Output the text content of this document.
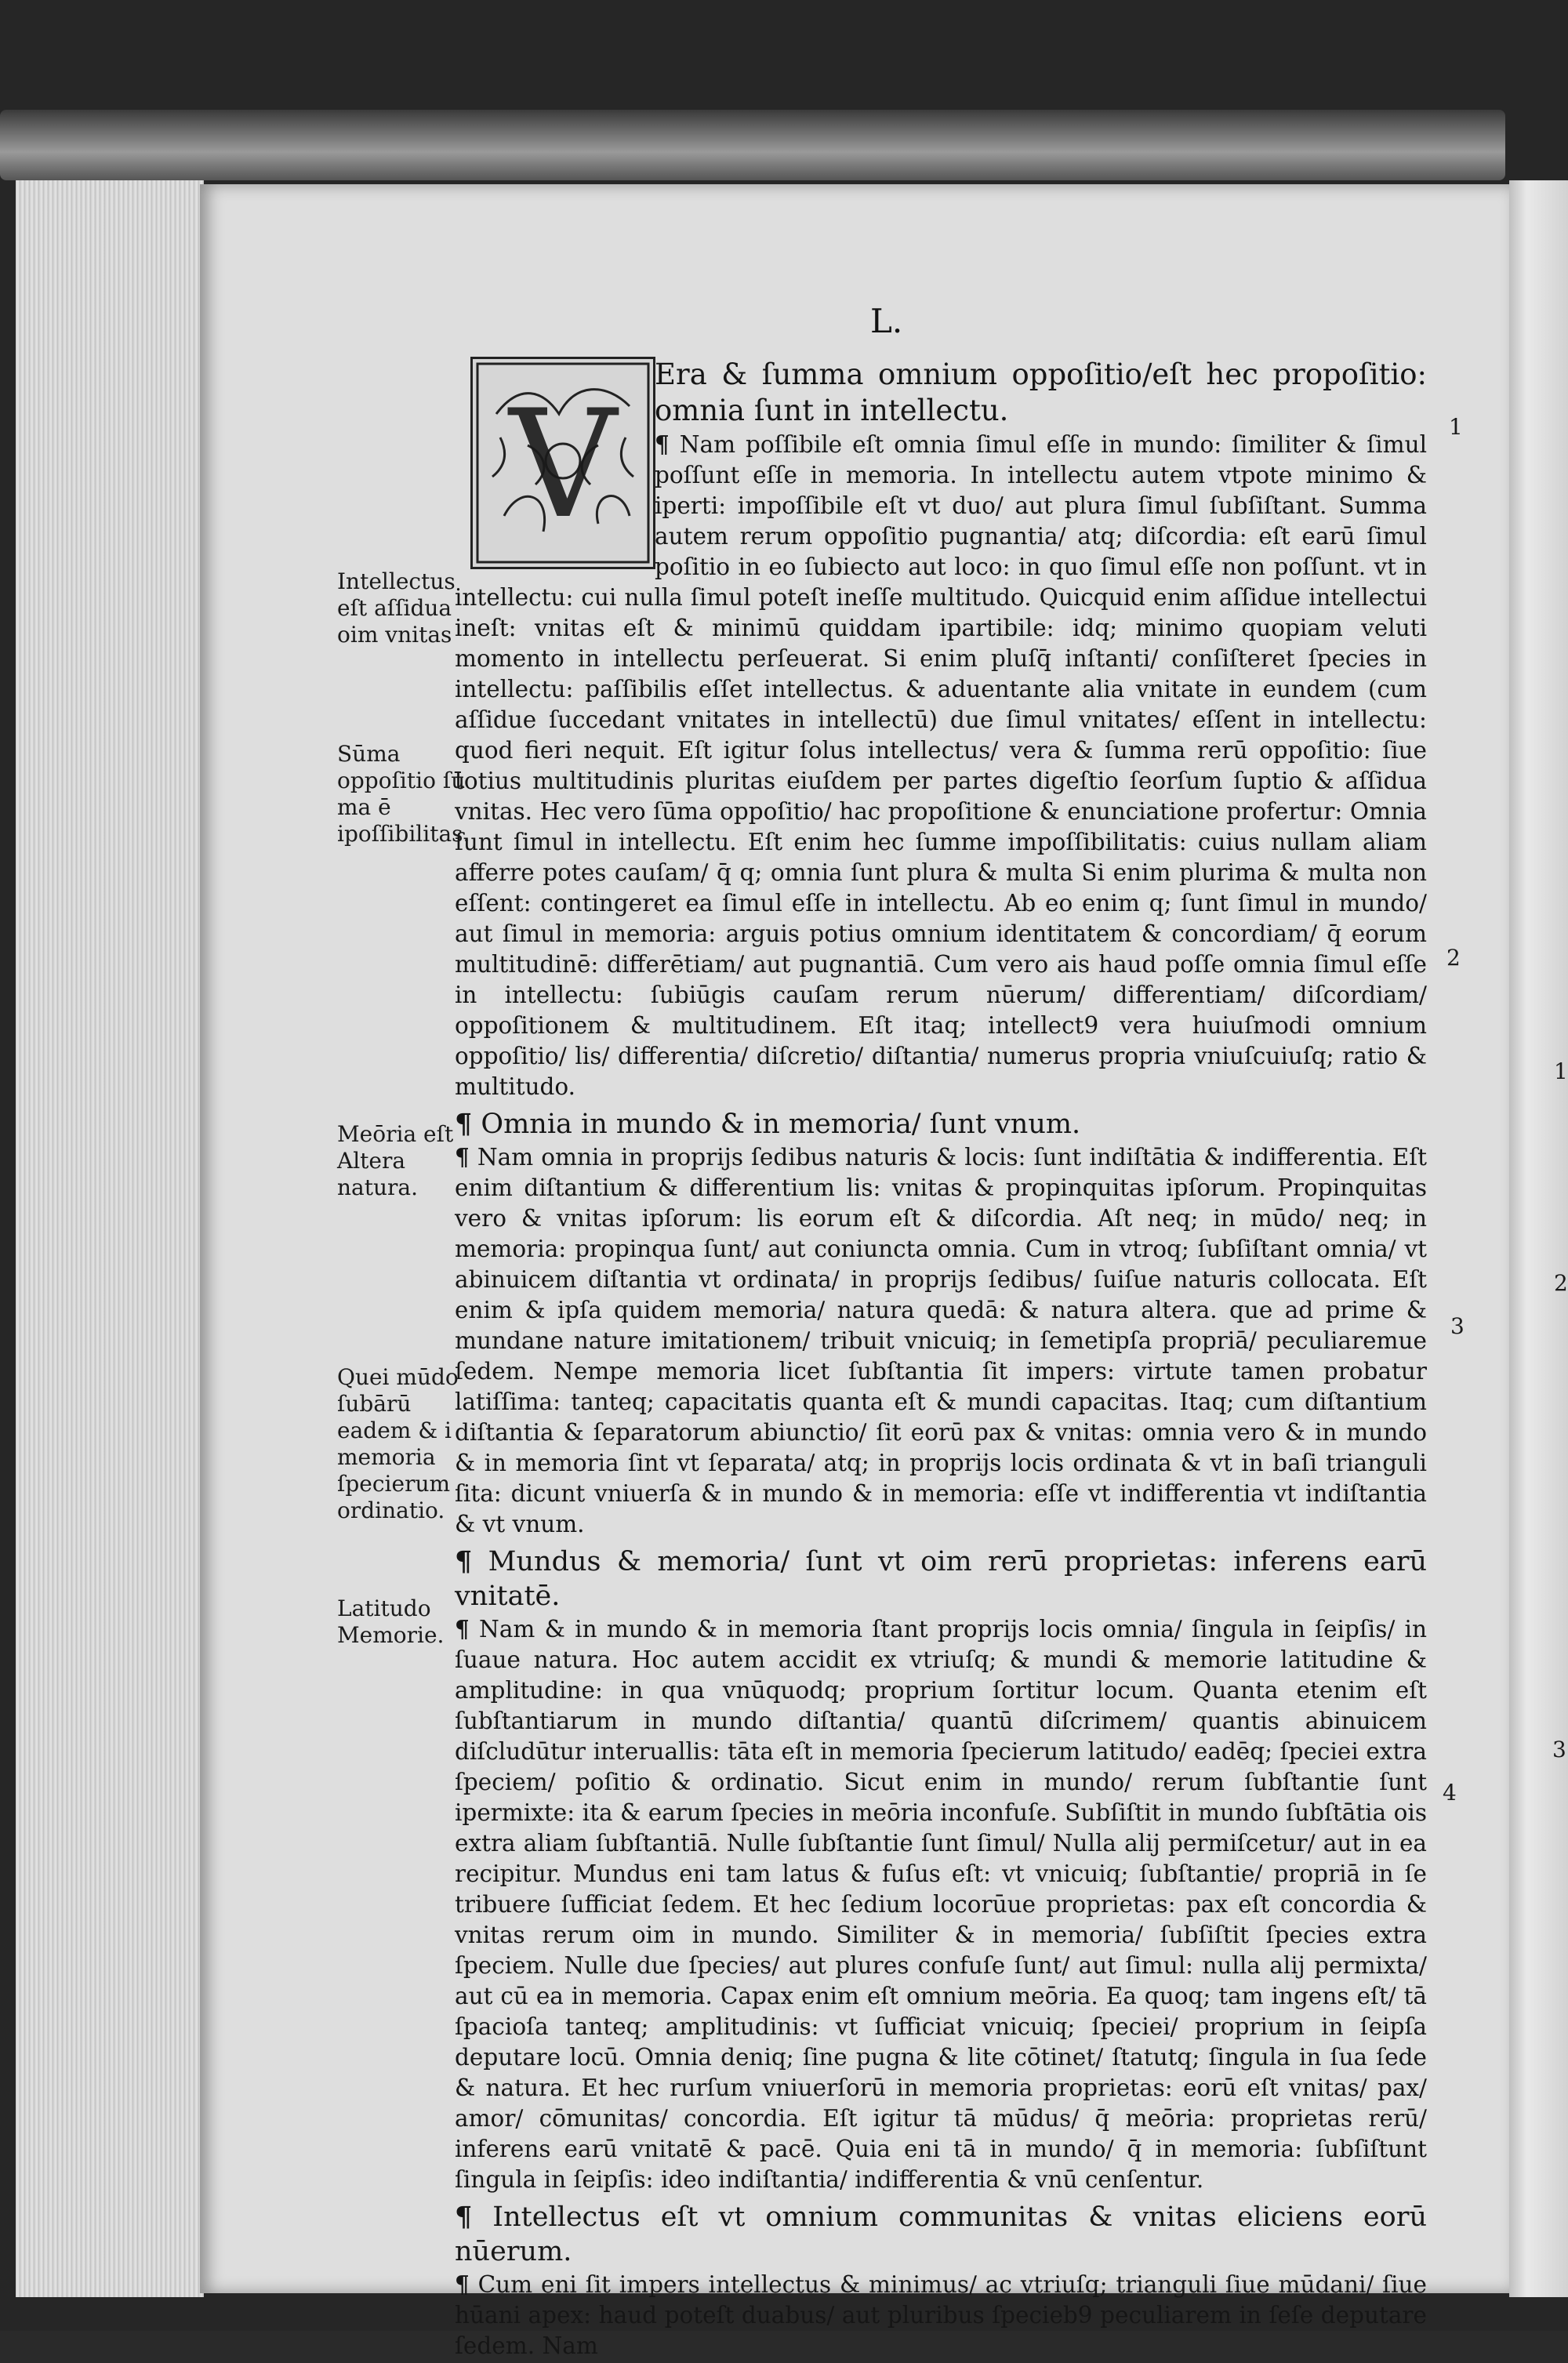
L.
V
Era & ſumma omnium oppoſitio/eſt hec propoſitio: omnia ſunt in intellectu.

¶ Nam poſſibile eſt omnia ſimul eſſe in mundo: ſimiliter & ſimul poſſunt eſſe in memoria. In intellectu autem vtpote minimo & iperti: impoſſibile eſt vt duo/ aut plura ſimul ſubſiſtant. Summa autem rerum oppoſitio pugnantia/ atq; diſcordia: eſt earū ſimul poſitio in eo ſubiecto aut loco: in quo ſimul eſſe non poſſunt. vt in intellectu: cui nulla ſimul poteſt ineſſe multitudo. Quicquid enim aſſidue intellectui ineſt: vnitas eſt & minimū quiddam ipartibile: idq; minimo quopiam veluti momento in intellectu perſeuerat. Si enim pluſq̄ inſtanti/ conſiſteret ſpecies in intellectu: paſſibilis eſſet intellectus. & aduentante alia vnitate in eundem (cum aſſidue ſuccedant vnitates in intellectū) due ſimul vnitates/ eſſent in intellectu: quod fieri nequit. Eſt igitur ſolus intellectus/ vera & ſumma rerū oppoſitio: ſiue totius multitudinis pluritas eiuſdem per partes digeſtio ſeorſum ſuptio & aſſidua vnitas. Hec vero ſūma oppoſitio/ hac propoſitione & enunciatione profertur: Omnia ſunt ſimul in intellectu. Eſt enim hec ſumme impoſſibilitatis: cuius nullam aliam afferre potes cauſam/ q̄ q; omnia ſunt plura & multa Si enim plurima & multa non eſſent: contingeret ea ſimul eſſe in intellectu. Ab eo enim q; ſunt ſimul in mundo/ aut ſimul in memoria: arguis potius omnium identitatem & concordiam/ q̄ eorum multitudinē: differētiam/ aut pugnantiā. Cum vero ais haud poſſe omnia ſimul eſſe in intellectu: ſubiūgis cauſam rerum nūerum/ differentiam/ diſcordiam/ oppoſitionem & multitudinem. Eſt itaq; intellect9 vera huiuſmodi omnium oppoſitio/ lis/ differentia/ diſcretio/ diſtantia/ numerus propria vniuſcuiuſq; ratio & multitudo.

¶ Omnia in mundo & in memoria/ ſunt vnum.

¶ Nam omnia in proprijs ſedibus naturis & locis: ſunt indiſtātia & indifferentia. Eſt enim diſtantium & differentium lis: vnitas & propinquitas ipſorum. Propinquitas vero & vnitas ipſorum: lis eorum eſt & diſcordia. Aſt neq; in mūdo/ neq; in memoria: propinqua ſunt/ aut coniuncta omnia. Cum in vtroq; ſubſiſtant omnia/ vt abinuicem diſtantia vt ordinata/ in proprijs ſedibus/ ſuiſue naturis collocata. Eſt enim & ipſa quidem memoria/ natura quedā: & natura altera. que ad prime & mundane nature imitationem/ tribuit vnicuiq; in ſemetipſa propriā/ peculiaremue ſedem. Nempe memoria licet ſubſtantia ſit impers: virtute tamen probatur latiſſima: tanteq; capacitatis quanta eſt & mundi capacitas. Itaq; cum diſtantium diſtantia & ſeparatorum abiunctio/ ſit eorū pax & vnitas: omnia vero & in mundo & in memoria ſint vt ſeparata/ atq; in proprijs locis ordinata & vt in baſi trianguli ſita: dicunt vniuerſa & in mundo & in memoria: eſſe vt indifferentia vt indiſtantia & vt vnum.

¶ Mundus & memoria/ ſunt vt oim rerū proprietas: inferens earū vnitatē.

¶ Nam & in mundo & in memoria ſtant proprijs locis omnia/ ſingula in ſeipſis/ in ſuaue natura. Hoc autem accidit ex vtriuſq; & mundi & memorie latitudine & amplitudine: in qua vnūquodq; proprium ſortitur locum. Quanta etenim eſt ſubſtantiarum in mundo diſtantia/ quantū diſcrimem/ quantis abinuicem diſcludūtur interuallis: tāta eſt in memoria ſpecierum latitudo/ eadēq; ſpeciei extra ſpeciem/ poſitio & ordinatio. Sicut enim in mundo/ rerum ſubſtantie ſunt ipermixte: ita & earum ſpecies in meōria inconfuſe. Subſiſtit in mundo ſubſtātia ois extra aliam ſubſtantiā. Nulle ſubſtantie ſunt ſimul/ Nulla alij permiſcetur/ aut in ea recipitur. Mundus eni tam latus & fuſus eſt: vt vnicuiq; ſubſtantie/ propriā in ſe tribuere ſufficiat ſedem. Et hec ſedium locorūue proprietas: pax eſt concordia & vnitas rerum oim in mundo. Similiter & in memoria/ ſubſiſtit ſpecies extra ſpeciem. Nulle due ſpecies/ aut plures confuſe ſunt/ aut ſimul: nulla alij permixta/ aut cū ea in memoria. Capax enim eſt omnium meōria. Ea quoq; tam ingens eſt/ tā ſpacioſa tanteq; amplitudinis: vt ſufficiat vnicuiq; ſpeciei/ proprium in ſeipſa deputare locū. Omnia deniq; ſine pugna & lite cōtinet/ ſtatutq; ſingula in ſua ſede & natura. Et hec rurſum vniuerſorū in memoria proprietas: eorū eſt vnitas/ pax/ amor/ cōmunitas/ concordia. Eſt igitur tā mūdus/ q̄ meōria: proprietas rerū/ inferens earū vnitatē & pacē. Quia eni tā in mundo/ q̄ in memoria: ſubſiſtunt ſingula in ſeipſis: ideo indiſtantia/ indifferentia & vnū cenſentur.

¶ Intellectus eſt vt omnium communitas & vnitas eliciens eorū nūerum.

¶ Cum eni ſit impers intellectus & minimus/ ac vtriuſq; trianguli ſiue mūdani/ ſiue hūani apex: haud poteſt duabus/ aut pluribus ſpecieb9 peculiarem in ſeſe deputare ſedem. Nam

Intellectus eſt aſſidua oim vnitas
Sūma oppoſitio ſū ma ē ipoſſibilitas.
Meōria eſt Altera natura.
Quei mūdo ſubārū eadem & i memoria ſpecierum ordinatio.
Latitudo Memorie.
1
2
3
4
1
2
3
